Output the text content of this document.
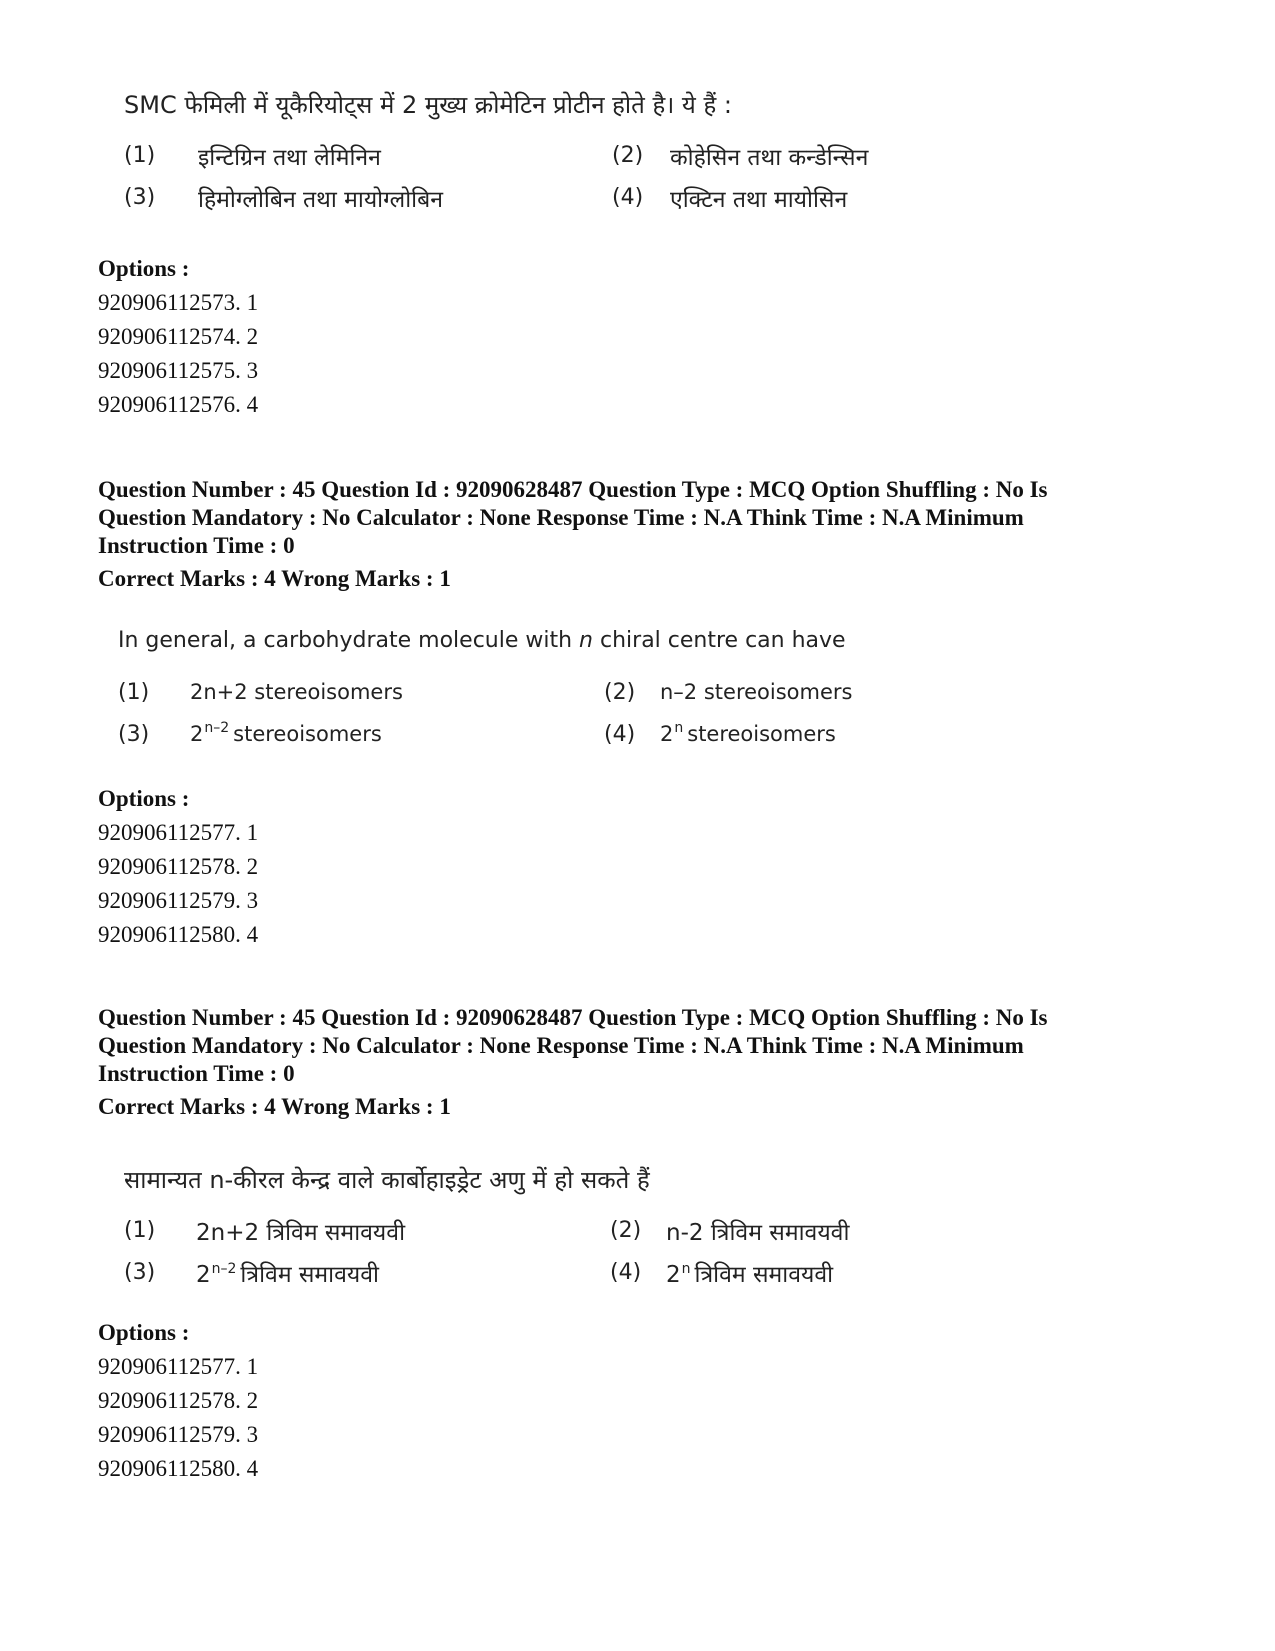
SMC फेमिली में यूकैरियोट्स में 2 मुख्य क्रोमेटिन प्रोटीन होते है। ये हैं :
(1) इन्टिग्रिन तथा लेमिनिन	(2) कोहेसिन तथा कन्डेन्सिन
(3) हिमोग्लोबिन तथा मायोग्लोबिन	(4) एक्टिन तथा मायोसिन
Options :
920906112573. 1
920906112574. 2
920906112575. 3
920906112576. 4
Question Number : 45 Question Id : 92090628487 Question Type : MCQ Option Shuffling : No Is
Question Mandatory : No Calculator : None Response Time : N.A Think Time : N.A Minimum
Instruction Time : 0
Correct Marks : 4 Wrong Marks : 1
In general, a carbohydrate molecule with n chiral centre can have
(1) 2n+2 stereoisomers	(2) n–2 stereoisomers
(3) 2$^{n-2}$ stereoisomers	(4) 2$^n$ stereoisomers
Options :
920906112577. 1
920906112578. 2
920906112579. 3
920906112580. 4
Question Number : 45 Question Id : 92090628487 Question Type : MCQ Option Shuffling : No Is
Question Mandatory : No Calculator : None Response Time : N.A Think Time : N.A Minimum
Instruction Time : 0
Correct Marks : 4 Wrong Marks : 1
सामान्यत n-कीरल केन्द्र वाले कार्बोहाइड्रेट अणु में हो सकते हैं
(1) 2n+2 त्रिविम समावयवी	(2) n-2 त्रिविम समावयवी
(3) 2$^{n-2}$ त्रिविम समावयवी	(4) 2$^n$ त्रिविम समावयवी
Options :
920906112577. 1
920906112578. 2
920906112579. 3
920906112580. 4
